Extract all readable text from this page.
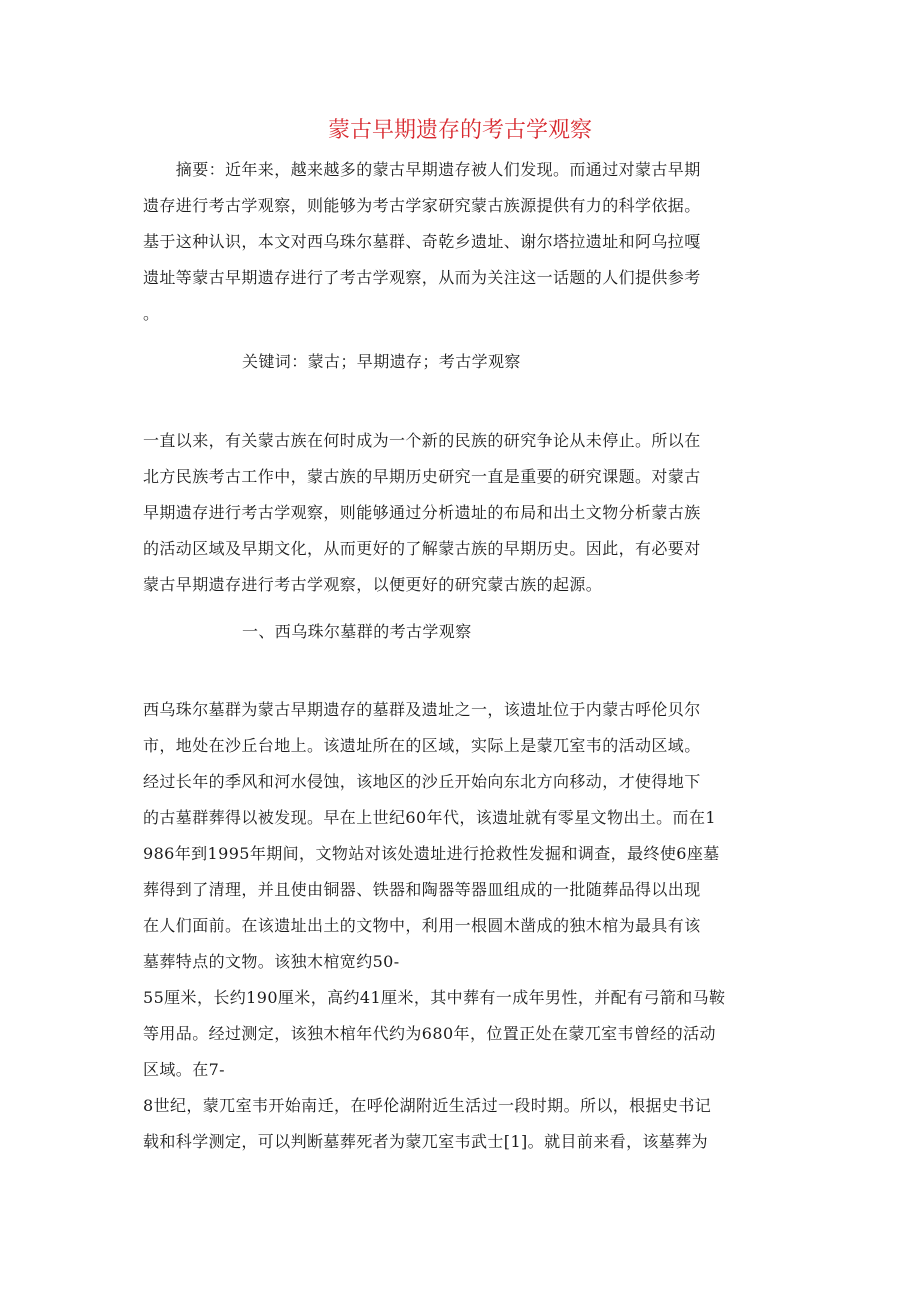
蒙古早期遗存的考古学观察
　　摘要：近年来，越来越多的蒙古早期遗存被人们发现。而通过对蒙古早期
遗存进行考古学观察，则能够为考古学家研究蒙古族源提供有力的科学依据。
基于这种认识，本文对西乌珠尔墓群、奇乾乡遗址、谢尔塔拉遗址和阿乌拉嘎
遗址等蒙古早期遗存进行了考古学观察，从而为关注这一话题的人们提供参考
。
关键词：蒙古；早期遗存；考古学观察
一直以来，有关蒙古族在何时成为一个新的民族的研究争论从未停止。所以在
北方民族考古工作中，蒙古族的早期历史研究一直是重要的研究课题。对蒙古
早期遗存进行考古学观察，则能够通过分析遗址的布局和出土文物分析蒙古族
的活动区域及早期文化，从而更好的了解蒙古族的早期历史。因此，有必要对
蒙古早期遗存进行考古学观察，以便更好的研究蒙古族的起源。
一、西乌珠尔墓群的考古学观察
西乌珠尔墓群为蒙古早期遗存的墓群及遗址之一，该遗址位于内蒙古呼伦贝尔
市，地处在沙丘台地上。该遗址所在的区域，实际上是蒙兀室韦的活动区域。
经过长年的季风和河水侵蚀，该地区的沙丘开始向东北方向移动，才使得地下
的古墓群葬得以被发现。早在上世纪60年代，该遗址就有零星文物出土。而在1
986年到1995年期间，文物站对该处遗址进行抢救性发掘和调查，最终使6座墓
葬得到了清理，并且使由铜器、铁器和陶器等器皿组成的一批随葬品得以出现
在人们面前。在该遗址出土的文物中，利用一根圆木凿成的独木棺为最具有该
墓葬特点的文物。该独木棺宽约50-
55厘米，长约190厘米，高约41厘米，其中葬有一成年男性，并配有弓箭和马鞍
等用品。经过测定，该独木棺年代约为680年，位置正处在蒙兀室韦曾经的活动
区域。在7-
8世纪，蒙兀室韦开始南迁，在呼伦湖附近生活过一段时期。所以，根据史书记
载和科学测定，可以判断墓葬死者为蒙兀室韦武士[1]。就目前来看，该墓葬为
